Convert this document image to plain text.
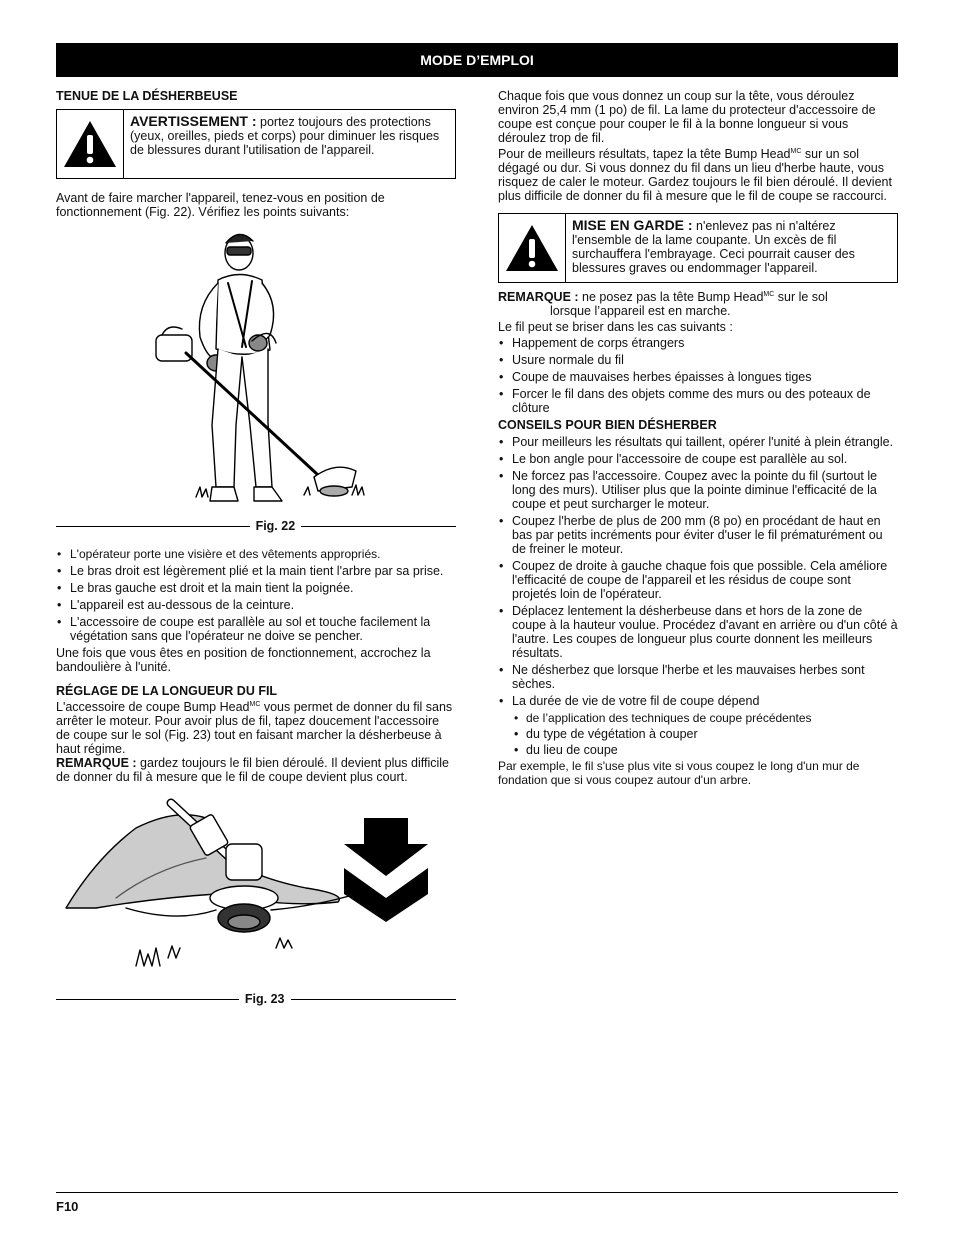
MODE D’EMPLOI
TENUE DE LA DÉSHERBEUSE
AVERTISSEMENT : portez toujours des protections (yeux, oreilles, pieds et corps) pour diminuer les risques de blessures durant l'utilisation de l'appareil.

Avant de faire marcher l'appareil, tenez-vous en position de fonctionnement (Fig. 22). Vérifiez les points suivants:

Fig. 22
• L'opérateur porte une visière et des vêtements appropriés.
• Le bras droit est légèrement plié et la main tient l'arbre par sa prise.
• Le bras gauche est droit et la main tient la poignée.
• L'appareil est au-dessous de la ceinture.
• L'accessoire de coupe est parallèle au sol et touche facilement la végétation sans que l'opérateur ne doive se pencher.

Une fois que vous êtes en position de fonctionnement, accrochez la bandoulière à l'unité.

RÉGLAGE DE LA LONGUEUR DU FIL

L'accessoire de coupe Bump Head$^{MC}$ vous permet de donner du fil sans arrêter le moteur. Pour avoir plus de fil, tapez doucement l'accessoire de coupe sur le sol (Fig. 23) tout en faisant marcher la désherbeuse à haut régime.

REMARQUE : gardez toujours le fil bien déroulé. Il devient plus difficile de donner du fil à mesure que le fil de coupe devient plus court.

Fig. 23

Chaque fois que vous donnez un coup sur la tête, vous déroulez environ 25,4 mm (1 po) de fil. La lame du protecteur d'accessoire de coupe est conçue pour couper le fil à la bonne longueur si vous déroulez trop de fil.

Pour de meilleurs résultats, tapez la tête Bump Head$^{MC}$ sur un sol dégagé ou dur. Si vous donnez du fil dans un lieu d'herbe haute, vous risquez de caler le moteur. Gardez toujours le fil bien déroulé. Il devient plus difficile de donner du fil à mesure que le fil de coupe se raccourci.

MISE EN GARDE : n'enlevez pas ni n'altérez l'ensemble de la lame coupante. Un excès de fil surchauffera l'embrayage. Ceci pourrait causer des blessures graves ou endommager l'appareil.

REMARQUE : ne posez pas la tête Bump Head$^{MC}$ sur le sol

lorsque l’appareil est en marche.

Le fil peut se briser dans les cas suivants :

• Happement de corps étrangers
• Usure normale du fil
• Coupe de mauvaises herbes épaisses à longues tiges
• Forcer le fil dans des objets comme des murs ou des poteaux de clôture
CONSEILS POUR BIEN DÉSHERBER
• Pour meilleurs les résultats qui taillent, opérer l'unité à plein étrangle.
• Le bon angle pour l'accessoire de coupe est parallèle au sol.
• Ne forcez pas l'accessoire. Coupez avec la pointe du fil (surtout le long des murs). Utiliser plus que la pointe diminue l'efficacité de la coupe et peut surcharger le moteur.
• Coupez l'herbe de plus de 200 mm (8 po) en procédant de haut en bas par petits incréments pour éviter d'user le fil prématurément ou de freiner le moteur.
• Coupez de droite à gauche chaque fois que possible. Cela améliore l'efficacité de coupe de l'appareil et les résidus de coupe sont projetés loin de l'opérateur.
• Déplacez lentement la désherbeuse dans et hors de la zone de coupe à la hauteur voulue. Procédez d'avant en arrière ou d'un côté à l'autre. Les coupes de longueur plus courte donnent les meilleurs résultats.
• Ne désherbez que lorsque l'herbe et les mauvaises herbes sont sèches.
• La durée de vie de votre fil de coupe dépend
• de l’application des techniques de coupe précédentes
• du type de végétation à couper
• du lieu de coupe

Par exemple, le fil s'use plus vite si vous coupez le long d'un mur de fondation que si vous coupez autour d'un arbre.

F10
